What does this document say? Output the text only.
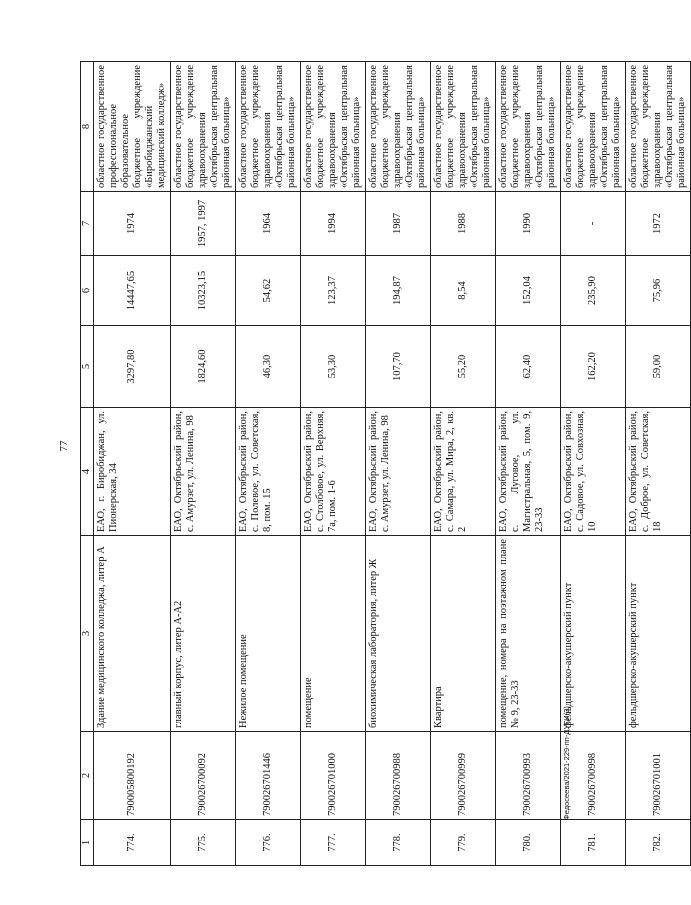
77
1	2	3	4	5	6	7	8
774.	790005800192	Здание медицинского колледжа, литер А	ЕАО, г. Биробиджан, ул. Пионерская, 34	3297,80	14447,65	1974	областное государственное профессиональное образовательное бюджетное учреждение «Биробиджанский медицинский колледж»
775.	790026700092	главный корпус, литер А-А2	ЕАО, Октябрьский район, с. Амурзет, ул. Ленина, 98	1824,60	10323,15	1957, 1997	областное государственное бюджетное учреждение здравоохранения «Октябрьская центральная районная больница»
776.	790026701446	Нежилое помещение	ЕАО, Октябрьский район, с. Полевое, ул. Советская, 8, пом. 15	46,30	54,62	1964	областное государственное бюджетное учреждение здравоохранения «Октябрьская центральная районная больница»
777.	790026701000	помещение	ЕАО, Октябрьский район, с. Столбовое, ул. Верхняя, 7а, пом. 1-6	53,30	123,37	1994	областное государственное бюджетное учреждение здравоохранения «Октябрьская центральная районная больница»
778.	790026700988	биохимическая лаборатория, литер Ж	ЕАО, Октябрьский район, с. Амурзет, ул. Ленина, 98	107,70	194,87	1987	областное государственное бюджетное учреждение здравоохранения «Октябрьская центральная районная больница»
779.	790026700999	Квартира	ЕАО, Октябрьский район, с. Самара, ул. Мира, 2, кв. 2	55,20	8,54	1988	областное государственное бюджетное учреждение здравоохранения «Октябрьская центральная районная больница»
780.	790026700993	помещение, номера на поэтажном плане № 9, 23-33	ЕАО, Октябрьский район, с. Луговое, ул. Магистральная, 5, пом. 9, 23-33	62,40	152,04	1990	областное государственное бюджетное учреждение здравоохранения «Октябрьская центральная районная больница»
781.	790026700998	фельдшерско-акушерский пункт	ЕАО, Октябрьский район, с. Садовое, ул. Совхозная, 10	162,20	235,90	-	областное государственное бюджетное учреждение здравоохранения «Октябрьская центральная районная больница»
782.	790026701001	фельдшерско-акушерский пункт	ЕАО, Октябрьский район, с. Доброе, ул. Советская, 18	59,00	75,96	1972	областное государственное бюджетное учреждение здравоохранения «Октябрьская центральная районная больница»
Федосеева/2021-229-пп-ДУГИ(3)
